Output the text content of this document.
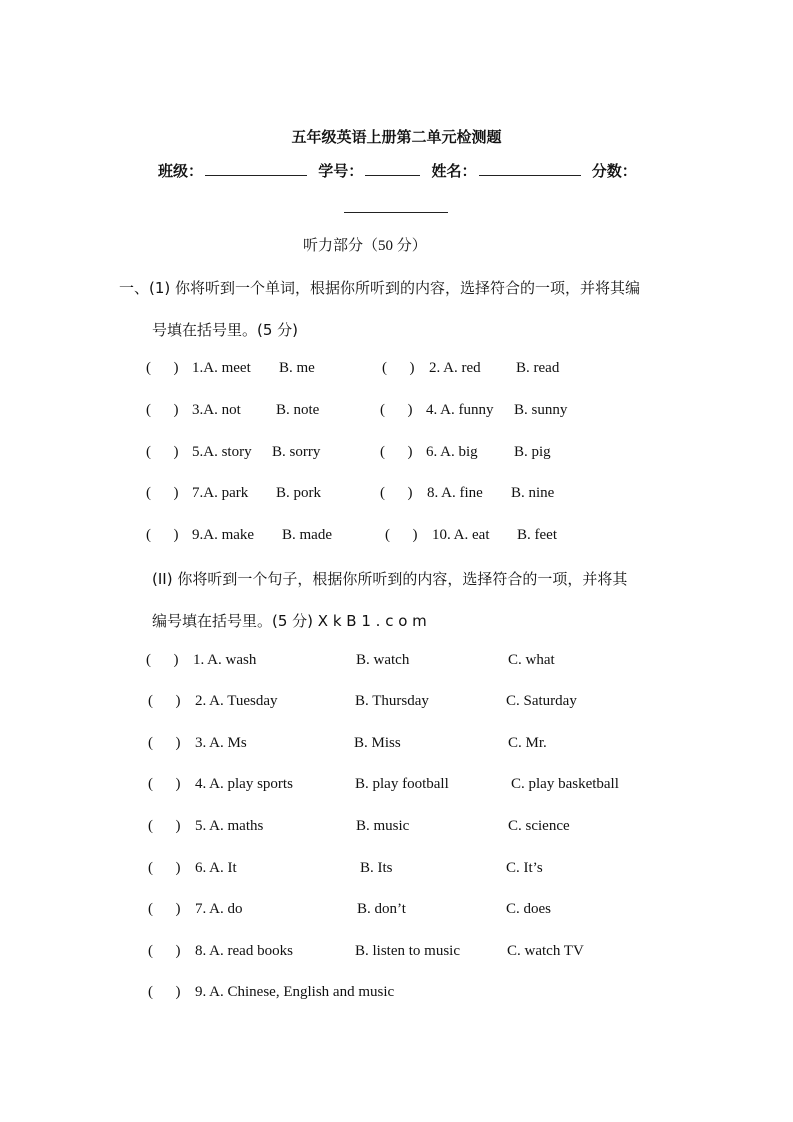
五年级英语上册第二单元检测题
班级：	学号：	姓名：	分数：
听力部分（50 分）
一、(1) 你将听到一个单词，根据你所听到的内容，选择符合的一项，并将其编
号填在括号里。(5 分)
(      ) 1.A. meet B. me	(      ) 2. A. red B. read
(      ) 3.A. not B. note	(      ) 4. A. funny B. sunny
(      ) 5.A. story B. sorry	(      ) 6. A. big B. pig
(      ) 7.A. park B. pork	(      ) 8. A. fine B. nine
(      ) 9.A. make B. made	(      ) 10. A. eat B. feet
(II) 你将听到一个句子，根据你所听到的内容，选择符合的一项，并将其
编号填在括号里。(5 分) X k B 1 . c o m
(      ) 1. A. wash	B. watch	C. what
(      ) 2. A. Tuesday	B. Thursday	C. Saturday
(      ) 3. A. Ms	B. Miss	C. Mr.
(      ) 4. A. play sports	B. play football	C. play basketball
(      ) 5. A. maths	B. music	C. science
(      ) 6. A. It	B. Its	C. It’s
(      ) 7. A. do	B. don’t	C. does
(      ) 8. A. read books	B. listen to music	C. watch TV
(      ) 9. A. Chinese, English and music
